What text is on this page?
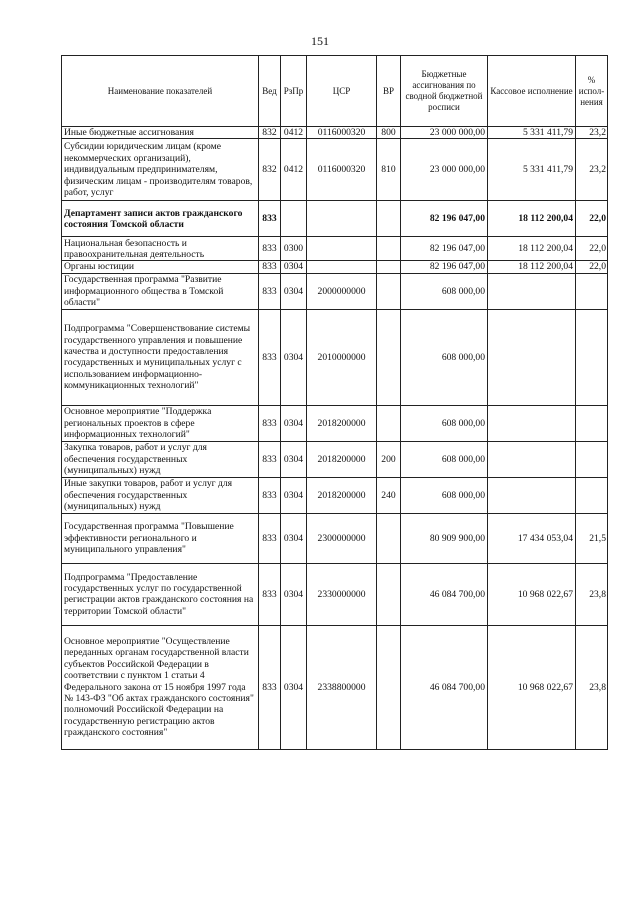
151
Наименование показателей	Вед	РзПр	ЦСР	ВР	Бюджетные ассигнования по сводной бюджетной росписи	Кассовое исполнение	% испол-нения
Иные бюджетные ассигнования	832	0412	0116000320	800	23 000 000,00	5 331 411,79	23,2
Субсидии юридическим лицам (кроме некоммерческих организаций), индивидуальным предпринимателям, физическим лицам - производителям товаров, работ, услуг	832	0412	0116000320	810	23 000 000,00	5 331 411,79	23,2
Департамент записи актов гражданского состояния Томской области	833				82 196 047,00	18 112 200,04	22,0
Национальная безопасность и правоохранительная деятельность	833	0300			82 196 047,00	18 112 200,04	22,0
Органы юстиции	833	0304			82 196 047,00	18 112 200,04	22,0
Государственная программа "Развитие информационного общества в Томской области"	833	0304	2000000000		608 000,00		
Подпрограмма "Совершенствование системы государственного управления и повышение качества и доступности предоставления государственных и муниципальных услуг с использованием информационно-коммуникационных технологий"	833	0304	2010000000		608 000,00		
Основное мероприятие "Поддержка региональных проектов в сфере информационных технологий"	833	0304	2018200000		608 000,00		
Закупка товаров, работ и услуг для обеспечения государственных (муниципальных) нужд	833	0304	2018200000	200	608 000,00		
Иные закупки товаров, работ и услуг для обеспечения государственных (муниципальных) нужд	833	0304	2018200000	240	608 000,00		
Государственная программа "Повышение эффективности регионального и муниципального управления"	833	0304	2300000000		80 909 900,00	17 434 053,04	21,5
Подпрограмма "Предоставление государственных услуг по государственной регистрации актов гражданского состояния на территории Томской области"	833	0304	2330000000		46 084 700,00	10 968 022,67	23,8
Основное мероприятие "Осуществление переданных органам государственной власти субъектов Российской Федерации в соответствии с пунктом 1 статьи 4 Федерального закона от 15 ноября 1997 года № 143-ФЗ "Об актах гражданского состояния" полномочий Российской Федерации на государственную регистрацию актов гражданского состояния"	833	0304	2338800000		46 084 700,00	10 968 022,67	23,8
